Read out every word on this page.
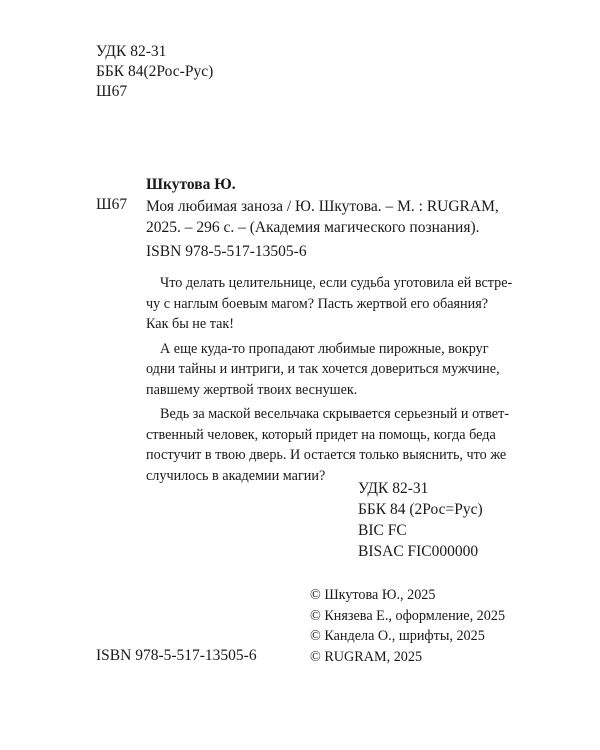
УДК 82-31
ББК 84(2Рос-Рус)
Ш67
Шкутова Ю.
Ш67 Моя любимая заноза / Ю. Шкутова. – М. : RUGRAM,
2025. – 296 с. – (Академия магического познания).
ISBN 978-5-517-13505-6
Что делать целительнице, если судьба уготовила ей встре-
чу с наглым боевым магом? Пасть жертвой его обаяния?
Как бы не так!
А еще куда-то пропадают любимые пирожные, вокруг
одни тайны и интриги, и так хочется довериться мужчине,
павшему жертвой твоих веснушек.
Ведь за маской весельчака скрывается серьезный и ответ-
ственный человек, который придет на помощь, когда беда
постучит в твою дверь. И остается только выяснить, что же
случилось в академии магии?
УДК 82-31
ББК 84 (2Рос=Рус)
BIC FC
BISAC FIC000000
© Шкутова Ю., 2025
© Князева Е., оформление, 2025
© Кандела О., шрифты, 2025
© RUGRAM, 2025
ISBN 978-5-517-13505-6
